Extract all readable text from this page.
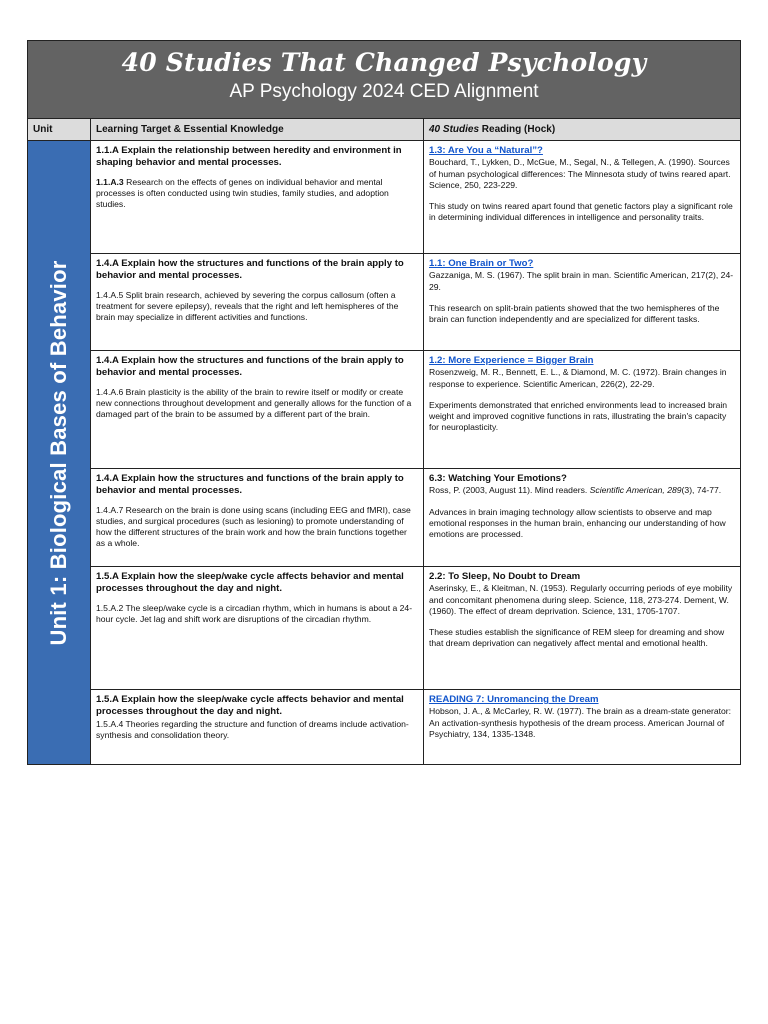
40 Studies That Changed Psychology
AP Psychology 2024 CED Alignment
Unit	Learning Target & Essential Knowledge	40 Studies Reading (Hock)
Unit 1: Biological Bases of Behavior
1.1.A Explain the relationship between heredity and environment in shaping behavior and mental processes.
1.1.A.3 Research on the effects of genes on individual behavior and mental processes is often conducted using twin studies, family studies, and adoption studies.
1.3: Are You a “Natural”?
Bouchard, T., Lykken, D., McGue, M., Segal, N., & Tellegen, A. (1990). Sources of human psychological differences: The Minnesota study of twins reared apart. Science, 250, 223-229.
This study on twins reared apart found that genetic factors play a significant role in determining individual differences in intelligence and personality traits.
1.4.A Explain how the structures and functions of the brain apply to behavior and mental processes.
1.4.A.5 Split brain research, achieved by severing the corpus callosum (often a treatment for severe epilepsy), reveals that the right and left hemispheres of the brain may specialize in different activities and functions.
1.1: One Brain or Two?
Gazzaniga, M. S. (1967). The split brain in man. Scientific American, 217(2), 24-29.
This research on split-brain patients showed that the two hemispheres of the brain can function independently and are specialized for different tasks.
1.4.A Explain how the structures and functions of the brain apply to behavior and mental processes.
1.4.A.6 Brain plasticity is the ability of the brain to rewire itself or modify or create new connections throughout development and generally allows for the function of a damaged part of the brain to be assumed by a different part of the brain.
1.2: More Experience = Bigger Brain
Rosenzweig, M. R., Bennett, E. L., & Diamond, M. C. (1972). Brain changes in response to experience. Scientific American, 226(2), 22-29.
Experiments demonstrated that enriched environments lead to increased brain weight and improved cognitive functions in rats, illustrating the brain's capacity for neuroplasticity.
1.4.A Explain how the structures and functions of the brain apply to behavior and mental processes.
1.4.A.7 Research on the brain is done using scans (including EEG and fMRI), case studies, and surgical procedures (such as lesioning) to promote understanding of how the different structures of the brain work and how the brain functions together as a whole.
6.3: Watching Your Emotions?
Ross, P. (2003, August 11). Mind readers. Scientific American, 289(3), 74-77.
Advances in brain imaging technology allow scientists to observe and map emotional responses in the human brain, enhancing our understanding of how emotions are processed.
1.5.A Explain how the sleep/wake cycle affects behavior and mental processes throughout the day and night.
1.5.A.2 The sleep/wake cycle is a circadian rhythm, which in humans is about a 24-hour cycle. Jet lag and shift work are disruptions of the circadian rhythm.
2.2: To Sleep, No Doubt to Dream
Aserinsky, E., & Kleitman, N. (1953). Regularly occurring periods of eye mobility and concomitant phenomena during sleep. Science, 118, 273-274. Dement, W. (1960). The effect of dream deprivation. Science, 131, 1705-1707.
These studies establish the significance of REM sleep for dreaming and show that dream deprivation can negatively affect mental and emotional health.
1.5.A Explain how the sleep/wake cycle affects behavior and mental processes throughout the day and night.
1.5.A.4 Theories regarding the structure and function of dreams include activation-synthesis and consolidation theory.
READING 7: Unromancing the Dream
Hobson, J. A., & McCarley, R. W. (1977). The brain as a dream-state generator: An activation-synthesis hypothesis of the dream process. American Journal of Psychiatry, 134, 1335-1348.
